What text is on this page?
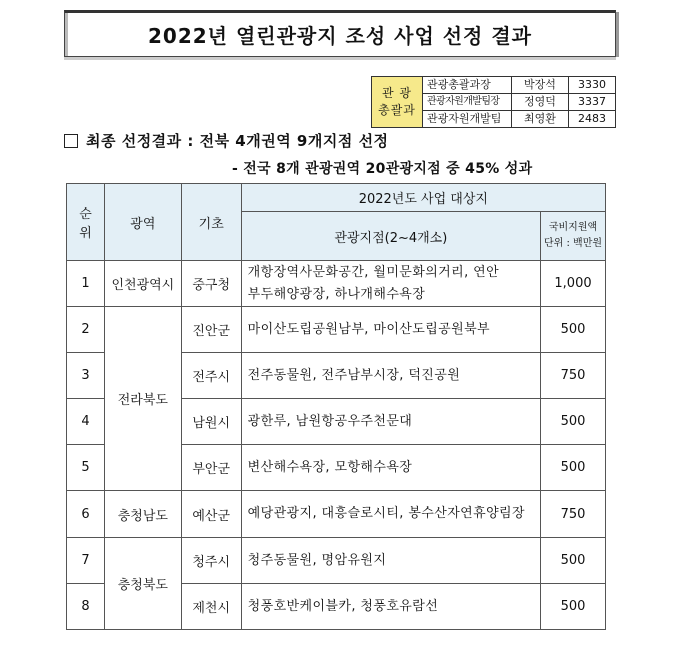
2022년 열린관광지 조성 사업 선정 결과
관 광
총괄과	관광총괄과장	박장석	3330
	관광자원개발팀장	정영덕	3337
	관광자원개발팀	최영환	2483
최종 선정결과 : 전북 4개권역 9개지점 선정
- 전국 8개 관광권역 20관광지점 중 45% 성과
순
위	광역	기초	2022년도 사업 대상지	
			관광지점(2~4개소)	국비지원액
단위 : 백만원

1	인천광역시	중구청	개항장역사문화공간, 월미문화의거리, 연안
부두해양광장, 하나개해수욕장	1,000
2	전라북도	진안군	마이산도립공원남부, 마이산도립공원북부	500
3		전주시	전주동물원, 전주남부시장, 덕진공원	750
4		남원시	광한루, 남원항공우주천문대	500
5		부안군	변산해수욕장, 모항해수욕장	500
6	충청남도	예산군	예당관광지, 대흥슬로시티, 봉수산자연휴양림장	750
7	충청북도	청주시	청주동물원, 명암유원지	500
8		제천시	청풍호반케이블카, 청풍호유람선	500
